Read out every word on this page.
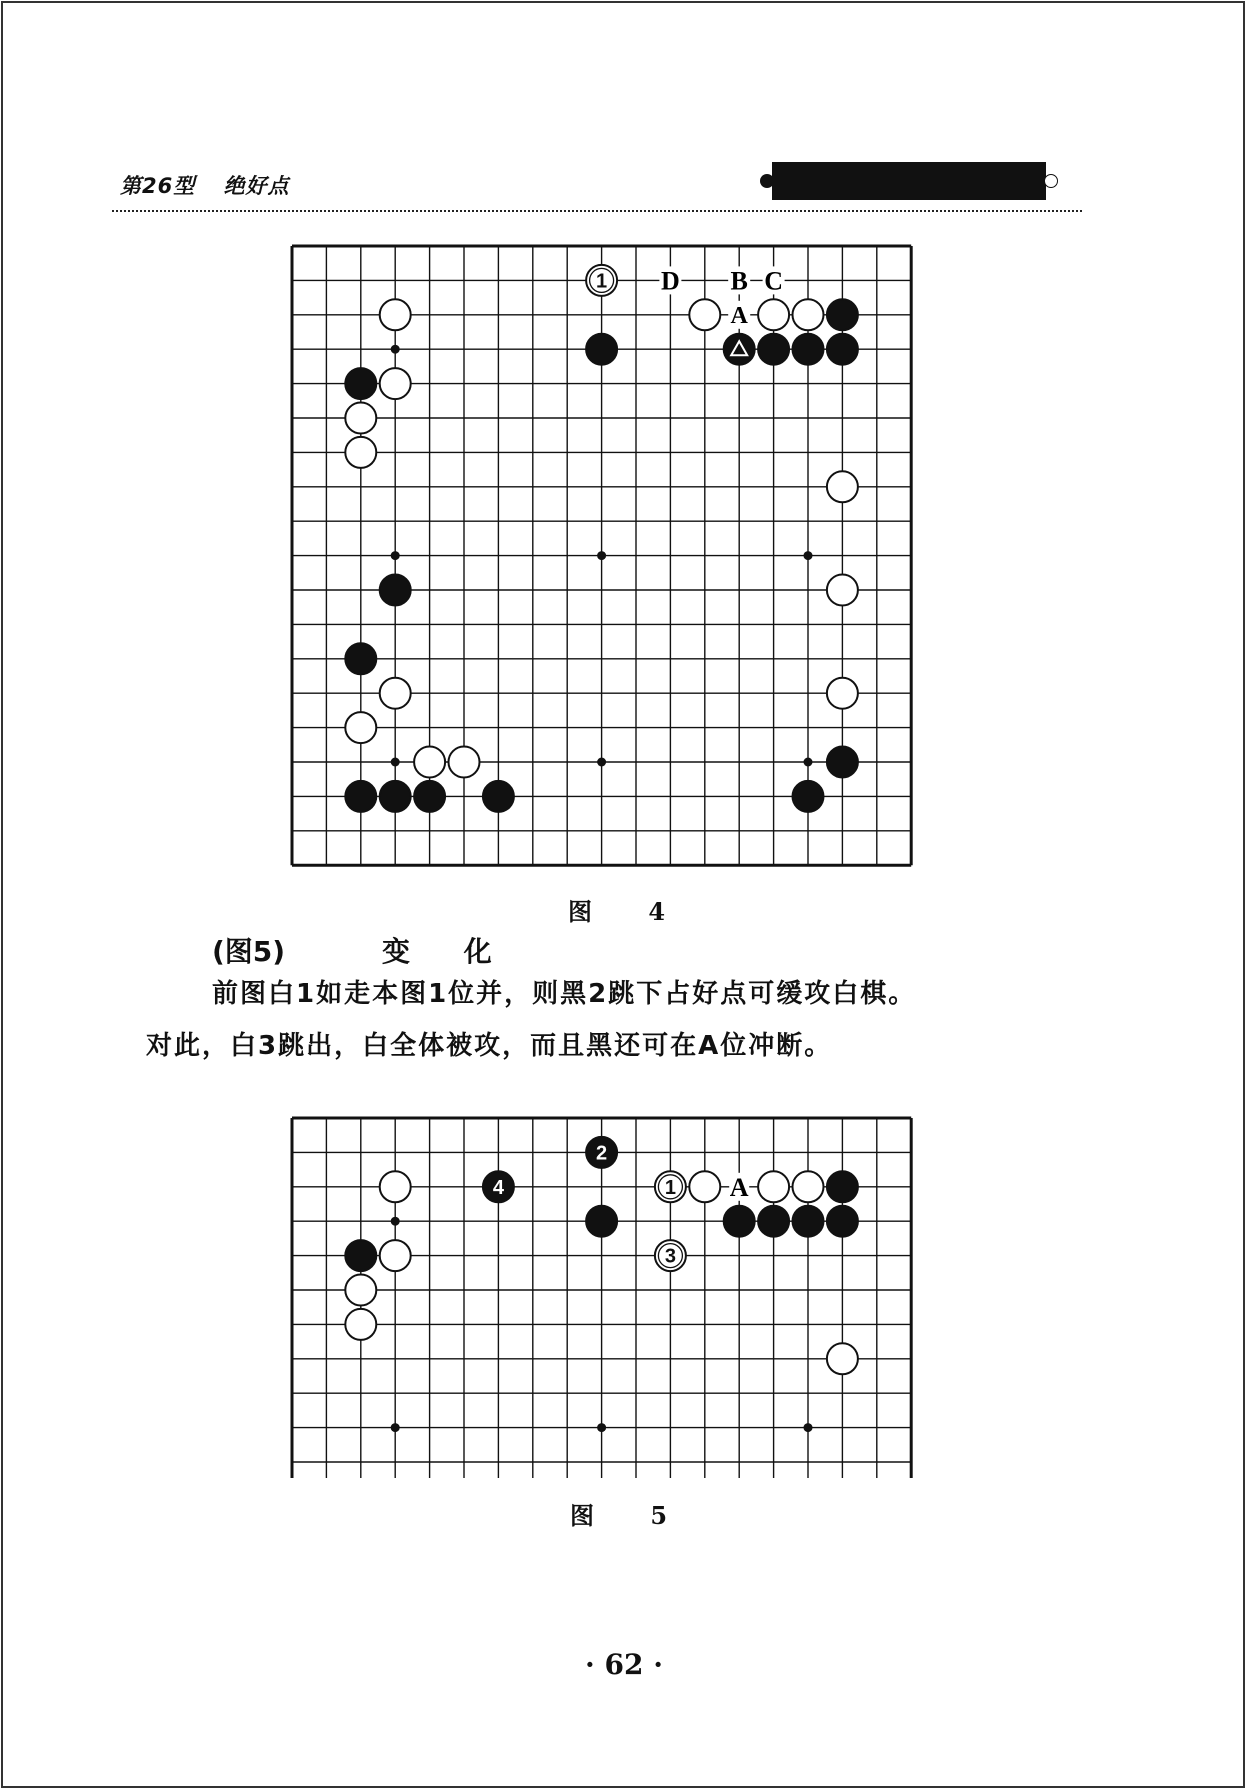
第26型 绝好点
1 D B C
A
图 4
(图5)	变 化
前图白1如走本图1位并，则黑2跳下占好点可缓攻白棋。
对此，白3跳出，白全体被攻，而且黑还可在A位冲断。
1
2
3
4	A
图 5
· 62 ·
